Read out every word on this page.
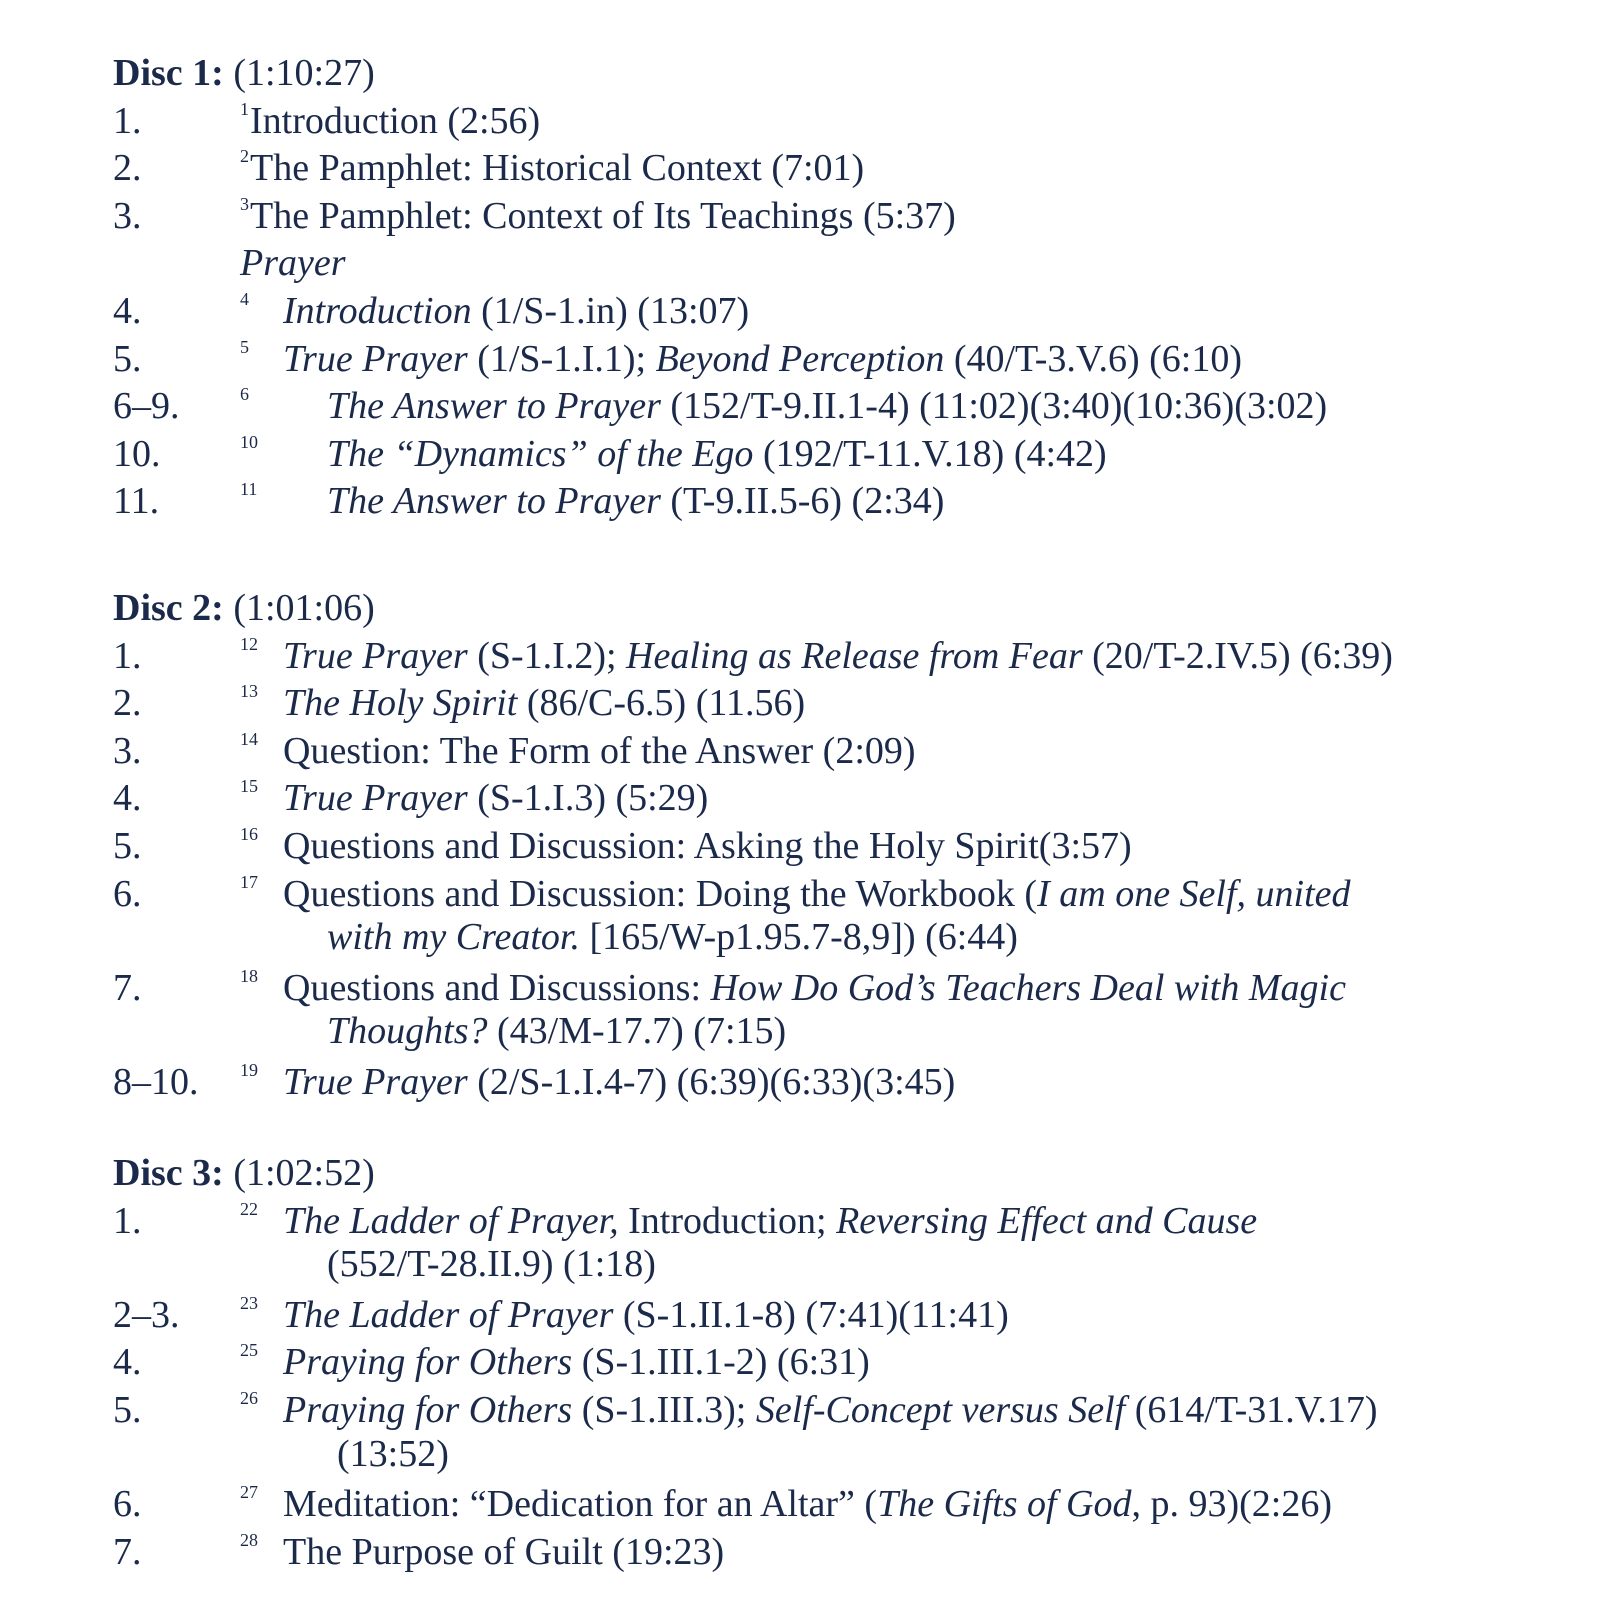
Disc 1: (1:10:27)
1.	1 Introduction (2:56)
2.	2 The Pamphlet: Historical Context (7:01)
3.	3 The Pamphlet: Context of Its Teachings (5:37)
Prayer
4.	4 Introduction (1/S-1.in) (13:07)
5.	5 True Prayer (1/S-1.I.1); Beyond Perception (40/T-3.V.6) (6:10)
6–9.	6 The Answer to Prayer (152/T-9.II.1-4) (11:02)(3:40)(10:36)(3:02)
10.	10 The “Dynamics” of the Ego (192/T-11.V.18) (4:42)
11.	11 The Answer to Prayer (T-9.II.5-6) (2:34)
Disc 2: (1:01:06)
1.	12 True Prayer (S-1.I.2); Healing as Release from Fear (20/T-2.IV.5) (6:39)
2.	13 The Holy Spirit (86/C-6.5) (11.56)
3.	14 Question: The Form of the Answer (2:09)
4.	15 True Prayer (S-1.I.3) (5:29)
5.	16 Questions and Discussion: Asking the Holy Spirit(3:57)
6.	17 Questions and Discussion: Doing the Workbook (I am one Self, united
with my Creator. [165/W-p1.95.7-8,9]) (6:44)
7.	18 Questions and Discussions: How Do God’s Teachers Deal with Magic
Thoughts? (43/M-17.7) (7:15)
8–10. 19 True Prayer (2/S-1.I.4-7) (6:39)(6:33)(3:45)
Disc 3: (1:02:52)
1.	22 The Ladder of Prayer, Introduction; Reversing Effect and Cause
(552/T-28.II.9) (1:18)
2–3.	23 The Ladder of Prayer (S-1.II.1-8) (7:41)(11:41)
4.	25 Praying for Others (S-1.III.1-2) (6:31)
5.	26 Praying for Others (S-1.III.3); Self-Concept versus Self (614/T-31.V.17)
(13:52)
6.	27 Meditation: “Dedication for an Altar” (The Gifts of God, p. 93)(2:26)
7.	28 The Purpose of Guilt (19:23)
